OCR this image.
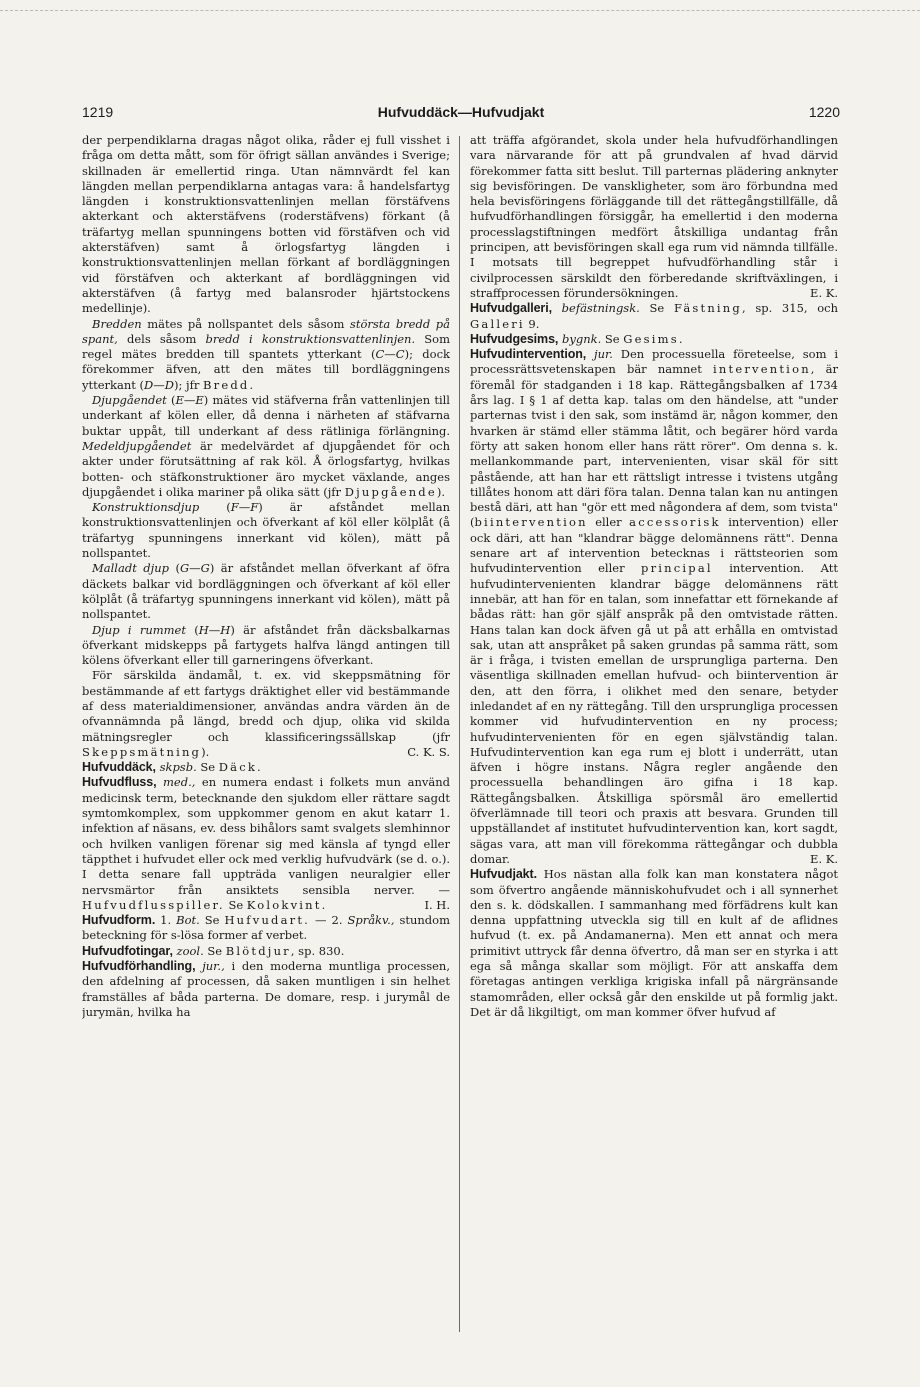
1219	Hufvuddäck—Hufvudjakt	1220

der perpendiklarna dragas något olika, råder ej full visshet i fråga om detta mått, som för öfrigt sällan användes i Sverige; skillnaden är emellertid ringa. Utan nämnvärdt fel kan längden mellan perpendiklarna antagas vara: å handelsfartyg längden i konstruktionsvattenlinjen mellan förstäfvens akterkant och akterstäfvens (roderstäfvens) förkant (å träfartyg mellan spunningens botten vid förstäfven och vid akterstäfven) samt å örlogsfartyg längden i konstruktionsvattenlinjen mellan förkant af bordläggningen vid förstäfven och akterkant af bordläggningen vid akterstäfven (å fartyg med balansroder hjärtstockens medellinje).

Bredden mätes på nollspantet dels såsom största bredd på spant, dels såsom bredd i konstruktionsvattenlinjen. Som regel mätes bredden till spantets ytterkant (C—C); dock förekommer äfven, att den mätes till bordläggningens ytterkant (D—D); jfr Bredd.

Djupgåendet (E—E) mätes vid stäfverna från vattenlinjen till underkant af kölen eller, då denna i närheten af stäfvarna buktar uppåt, till underkant af dess rätliniga förlängning. Medeldjupgåendet är medelvärdet af djupgåendet för och akter under förutsättning af rak köl. Å örlogsfartyg, hvilkas botten- och stäfkonstruktioner äro mycket växlande, anges djupgåendet i olika mariner på olika sätt (jfr Djupgående).

Konstruktionsdjup (F—F) är afståndet mellan konstruktionsvattenlinjen och öfverkant af köl eller kölplåt (å träfartyg spunningens innerkant vid kölen), mätt på nollspantet.

Malladt djup (G—G) är afståndet mellan öfverkant af öfra däckets balkar vid bordläggningen och öfverkant af köl eller kölplåt (å träfartyg spunningens innerkant vid kölen), mätt på nollspantet.

Djup i rummet (H—H) är afståndet från däcksbalkarnas öfverkant midskepps på fartygets halfva längd antingen till kölens öfverkant eller till garneringens öfverkant.

För särskilda ändamål, t. ex. vid skeppsmätning för bestämmande af ett fartygs dräktighet eller vid bestämmande af dess materialdimensioner, användas andra värden än de ofvannämnda på längd, bredd och djup, olika vid skilda mätningsregler och klassificeringssällskap (jfr Skeppsmätning).	C. K. S.

Hufvuddäck, skpsb. Se Däck.

Hufvudfluss, med., en numera endast i folkets mun använd medicinsk term, betecknande den sjukdom eller rättare sagdt symtomkomplex, som uppkommer genom en akut katarr 1. infektion af näsans, ev. dess bihålors samt svalgets slemhinnor och hvilken vanligen förenar sig med känsla af tyngd eller täppthet i hufvudet eller ock med verklig hufvudvärk (se d. o.). I detta senare fall uppträda vanligen neuralgier eller nervsmärtor från ansiktets sensibla nerver. — Hufvudflusspiller. Se Kolokvint.	I. H.

Hufvudform. 1. Bot. Se Hufvudart. — 2. Språkv., stundom beteckning för s-lösa former af verbet.

Hufvudfotingar, zool. Se Blötdjur, sp. 830.

Hufvudförhandling, jur., i den moderna muntliga processen, den afdelning af processen, då saken muntligen i sin helhet framställes af båda parterna. De domare, resp. i jurymål de jurymän, hvilka ha

att träffa afgörandet, skola under hela hufvudförhandlingen vara närvarande för att på grundvalen af hvad därvid förekommer fatta sitt beslut. Till parternas plädering anknyter sig bevisföringen. De vanskligheter, som äro förbundna med hela bevisföringens förläggande till det rättegångstillfälle, då hufvudförhandlingen försiggår, ha emellertid i den moderna processlagstiftningen medfört åtskilliga undantag från principen, att bevisföringen skall ega rum vid nämnda tillfälle. I motsats till begreppet hufvudförhandling står i civilprocessen särskildt den förberedande skriftväxlingen, i straffprocessen förundersökningen.	E. K.

Hufvudgalleri, befästningsk. Se Fästning, sp. 315, och Galleri 9.

Hufvudgesims, bygnk. Se Gesims.

Hufvudintervention, jur. Den processuella företeelse, som i processrättsvetenskapen bär namnet intervention, är föremål för stadganden i 18 kap. Rättegångsbalken af 1734 års lag. I § 1 af detta kap. talas om den händelse, att "under parternas tvist i den sak, som instämd är, någon kommer, den hvarken är stämd eller stämma låtit, och begärer hörd varda förty att saken honom eller hans rätt rörer". Om denna s. k. mellankommande part, intervenienten, visar skäl för sitt påstående, att han har ett rättsligt intresse i tvistens utgång tillåtes honom att däri föra talan. Denna talan kan nu antingen bestå däri, att han "gör ett med någondera af dem, som tvista" (biintervention eller accessorisk intervention) eller ock däri, att han "klandrar bägge delomännens rätt". Denna senare art af intervention betecknas i rättsteorien som hufvudintervention eller principal intervention. Att hufvudintervenienten klandrar bägge delomännens rätt innebär, att han för en talan, som innefattar ett förnekande af bådas rätt: han gör själf anspråk på den omtvistade rätten. Hans talan kan dock äfven gå ut på att erhålla en omtvistad sak, utan att anspråket på saken grundas på samma rätt, som är i fråga, i tvisten emellan de ursprungliga parterna. Den väsentliga skillnaden emellan hufvud- och biintervention är den, att den förra, i olikhet med den senare, betyder inledandet af en ny rättegång. Till den ursprungliga processen kommer vid hufvudintervention en ny process; hufvudintervenienten för en egen självständig talan. Hufvudintervention kan ega rum ej blott i underrätt, utan äfven i högre instans. Några regler angående den processuella behandlingen äro gifna i 18 kap. Rättegångsbalken. Åtskilliga spörsmål äro emellertid öfverlämnade till teori och praxis att besvara. Grunden till uppställandet af institutet hufvudintervention kan, kort sagdt, sägas vara, att man vill förekomma rättegångar och dubbla domar.	E. K.

Hufvudjakt. Hos nästan alla folk kan man konstatera något som öfvertro angående människohufvudet och i all synnerhet den s. k. dödskallen. I sammanhang med förfädrens kult kan denna uppfattning utveckla sig till en kult af de aflidnes hufvud (t. ex. på Andamanerna). Men ett annat och mera primitivt uttryck får denna öfvertro, då man ser en styrka i att ega så många skallar som möjligt. För att anskaffa dem företagas antingen verkliga krigiska infall på närgränsande stamområden, eller också går den enskilde ut på formlig jakt. Det är då likgiltigt, om man kommer öfver hufvud af
